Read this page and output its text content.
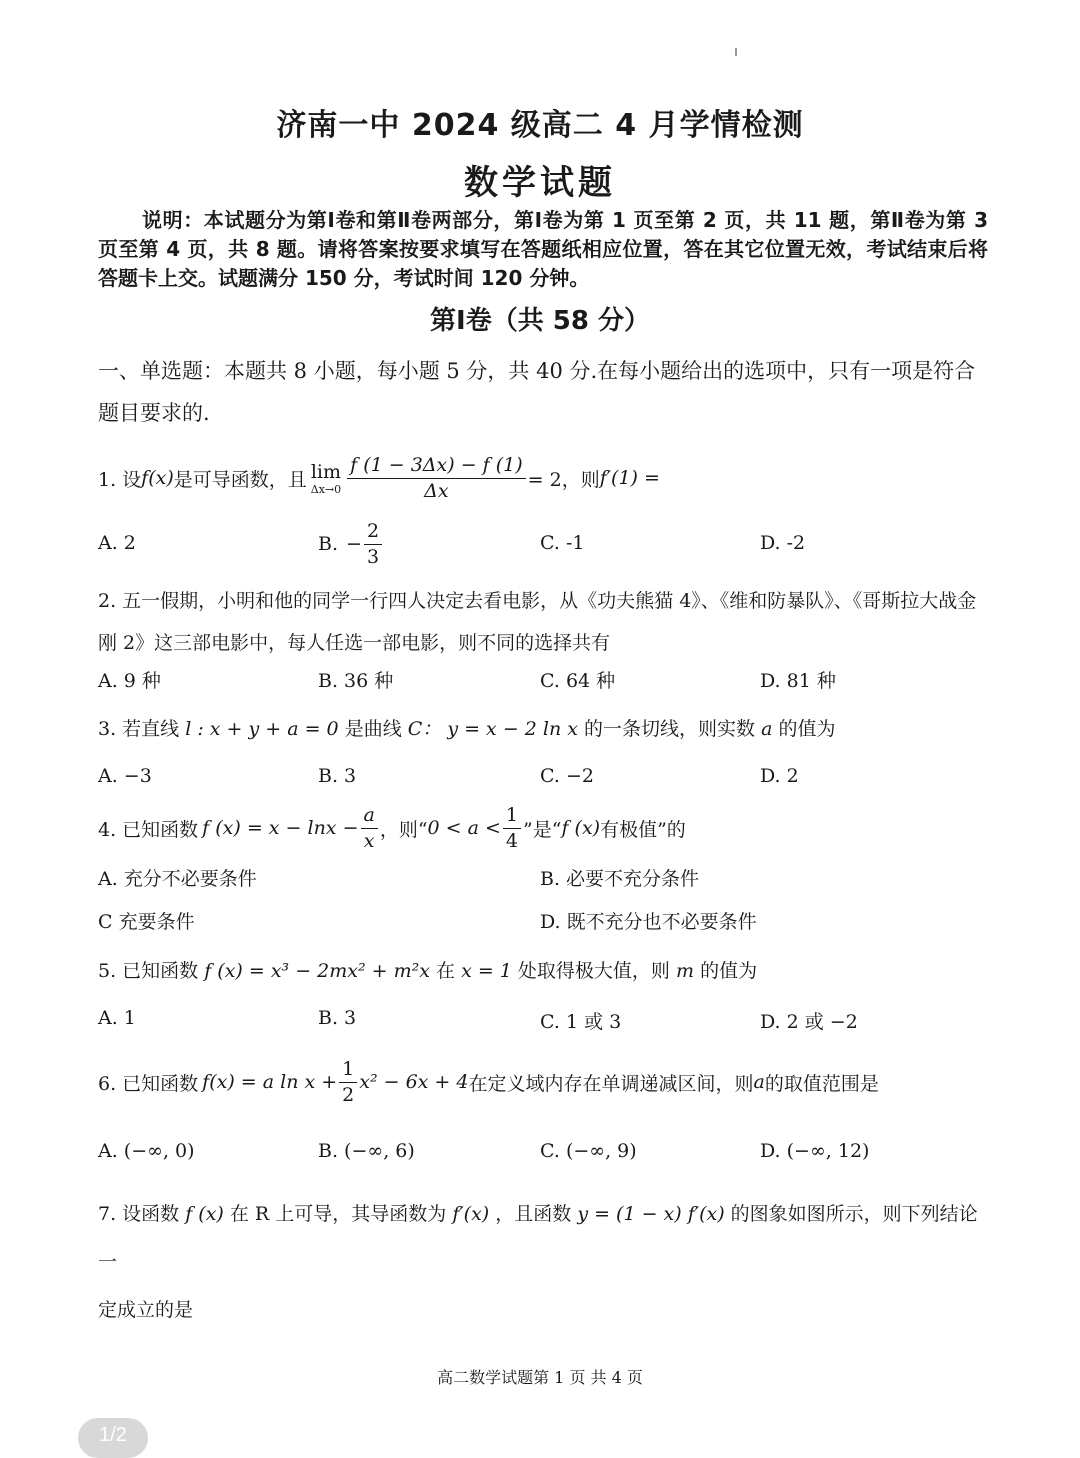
济南一中 2024 级高二 4 月学情检测
数学试题
说明：本试题分为第Ⅰ卷和第Ⅱ卷两部分，第Ⅰ卷为第 1 页至第 2 页，共 11 题，第Ⅱ卷为第 3 页至第 4 页，共 8 题。请将答案按要求填写在答题纸相应位置，答在其它位置无效，考试结束后将答题卡上交。试题满分 150 分，考试时间 120 分钟。
第Ⅰ卷（共 58 分）
一、单选题：本题共 8 小题，每小题 5 分，共 40 分.在每小题给出的选项中，只有一项是符合
题目要求的.
1. 设 f(x) 是可导函数，且 lim
$\Delta x\to 0 \frac{f (1 - 3\Delta x) - f (1)}{\Delta x} = 2$，则 f′(1) =
A. 2	B. − $\frac{2}{3}$	C. -1	D. -2
2. 五一假期，小明和他的同学一行四人决定去看电影，从《功夫熊猫 4》、《维和防暴队》、《哥斯拉大战金
刚 2》这三部电影中，每人任选一部电影，则不同的选择共有
A. 9 种	B. 36 种	C. 64 种	D. 81 种
3. 若直线 l : x + y + a = 0 是曲线 C： y = x − 2 ln x 的一条切线，则实数 a 的值为
A. −3	B. 3	C. −2	D. 2
4. 已知函数 f $(x) = x - \ln x - \frac{a}{x}$ ，则“ $0 < a < \frac{1}{4}$ ”是“ f (x) 有极值”的
A. 充分不必要条件	B. 必要不充分条件
C 充要条件	D. 既不充分也不必要条件
5. 已知函数 f (x) = x³ − 2mx² + m²x 在 x = 1 处取得极大值，则 m 的值为
A. 1	B. 3	C. 1 或 3	D. 2 或 −2
6. 已知函数 f(x) = a $\ln x + \frac{1}{2} x^2 - 6x + 4$ 在定义域内存在单调递减区间，则 a 的取值范围是
A. (−∞, 0)	B. (−∞, 6)	C. (−∞, 9)	D. (−∞, 12)
7. 设函数 f (x) 在 R 上可导，其导函数为 f′(x) ，且函数 y = (1 − x) f′(x) 的图象如图所示，则下列结论一
定成立的是
高二数学试题第 1 页 共 4 页
1/2
